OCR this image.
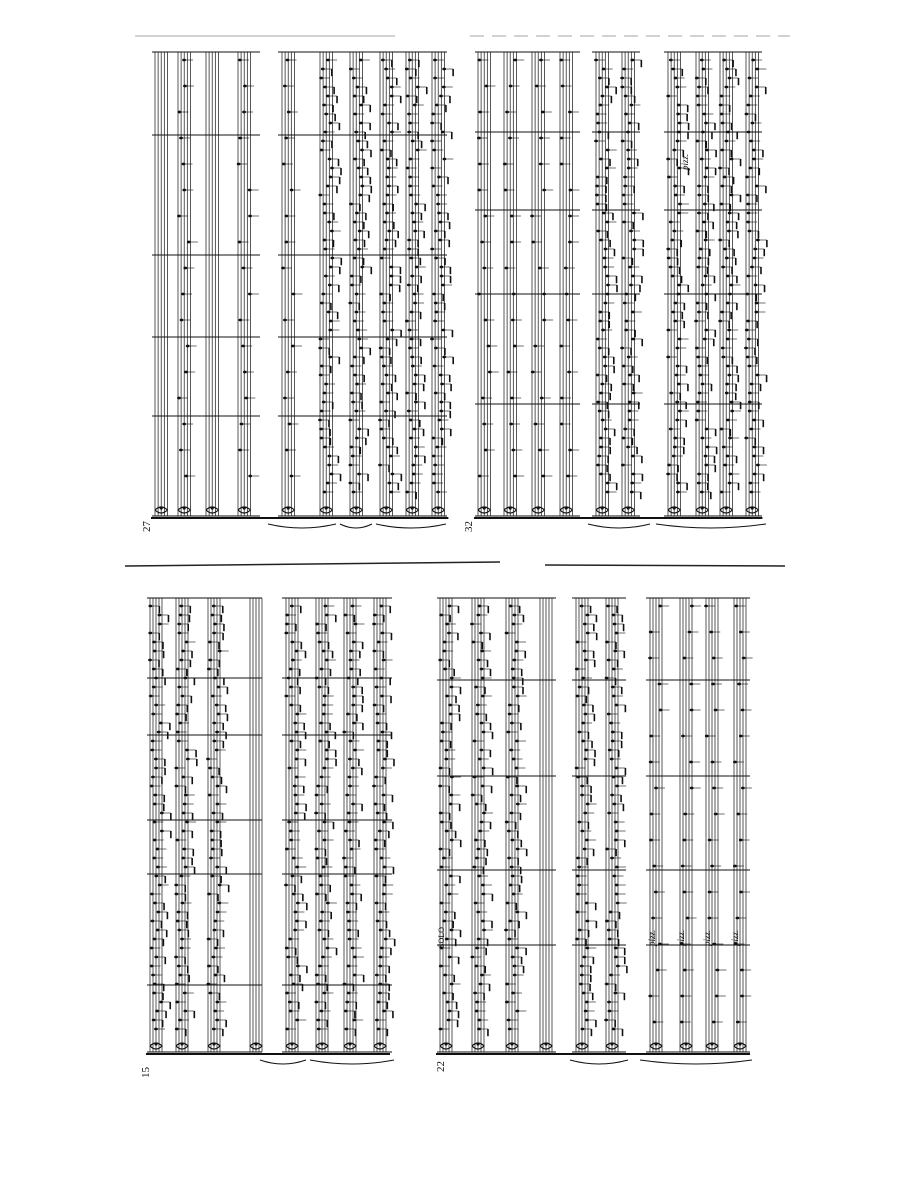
27	32
15
22
SOLO	pizz. pizz. pizz. pizz.
pizz.
